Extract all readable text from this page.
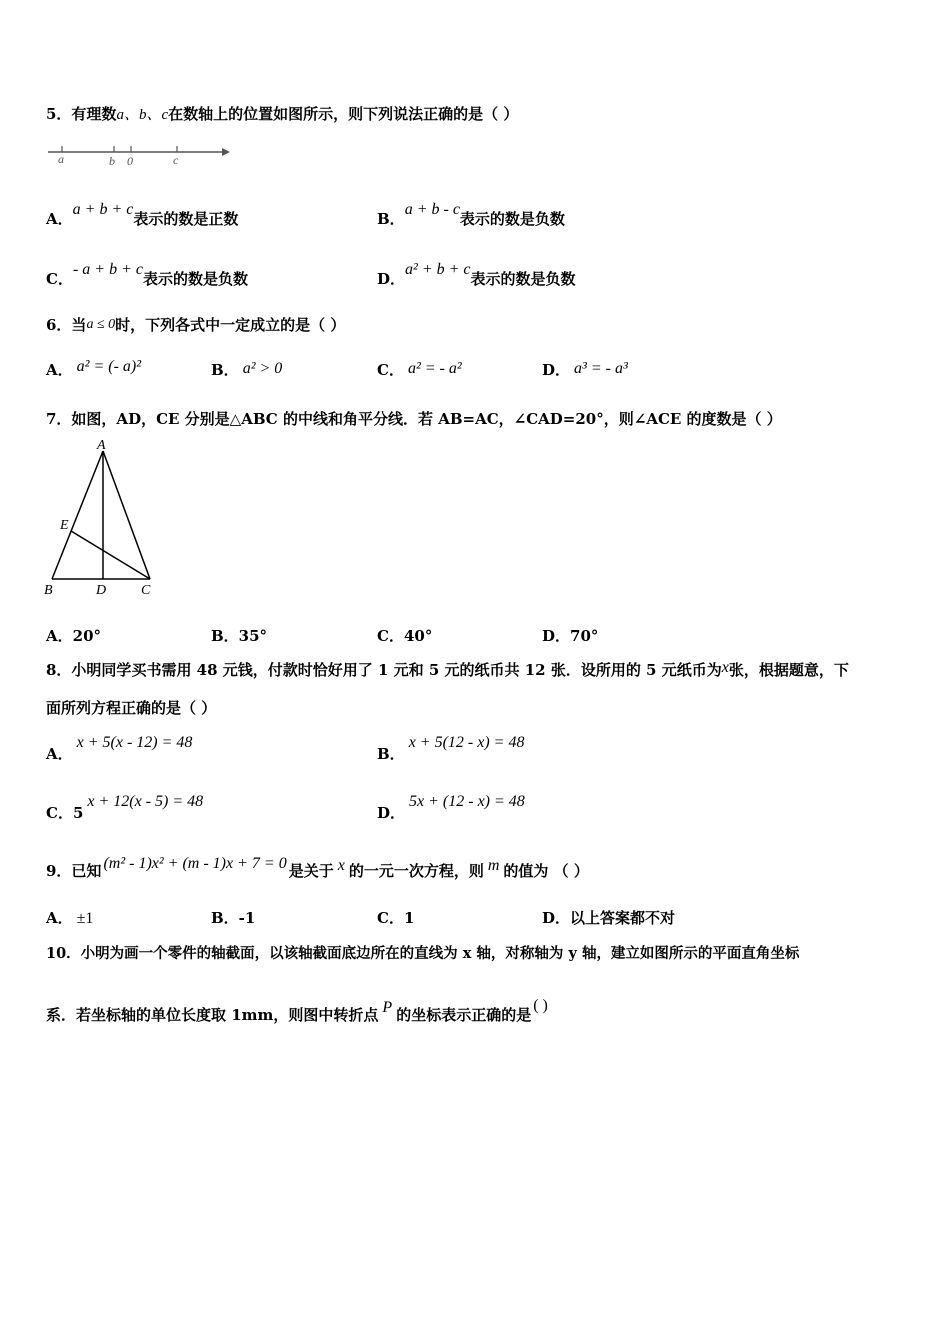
5．有理数a、b、c在数轴上的位置如图所示，则下列说法正确的是（ ）
a	b 0	c
A．a + b + c表示的数是正数	B．a + b - c表示的数是负数
C．- a + b + c表示的数是负数	D．a² + b + c表示的数是负数
6．当a ≤ 0时，下列各式中一定成立的是（ ）
A． a² = (- a)²	B． a² > 0	C． a² = - a²	D． a³ = - a³
7．如图，AD，CE 分别是△ABC 的中线和角平分线．若 AB=AC，∠CAD=20°，则∠ACE 的度数是（ ）
A
E
B	D C
A．20°	B．35°	C．40°	D．70°
8．小明同学买书需用 48 元钱，付款时恰好用了 1 元和 5 元的纸币共 12 张．设所用的 5 元纸币为x张，根据题意，下
面所列方程正确的是（ ）
A．x + 5(x - 12) = 48
B．x + 5(12 - x) = 48
C．5x + 12(x - 5) = 48
D．5x + (12 - x) = 48
9．已知 (m² - 1)x² + (m - 1)x + 7 = 0 是关于 x 的一元一次方程，则 m 的值为 （ ）
A． ±1	B．-1	C．1	D．以上答案都不对
10．小明为画一个零件的轴截面，以该轴截面底边所在的直线为 x 轴，对称轴为 y 轴，建立如图所示的平面直角坐标
系．若坐标轴的单位长度取 1mm，则图中转折点 P 的坐标表示正确的是( )
